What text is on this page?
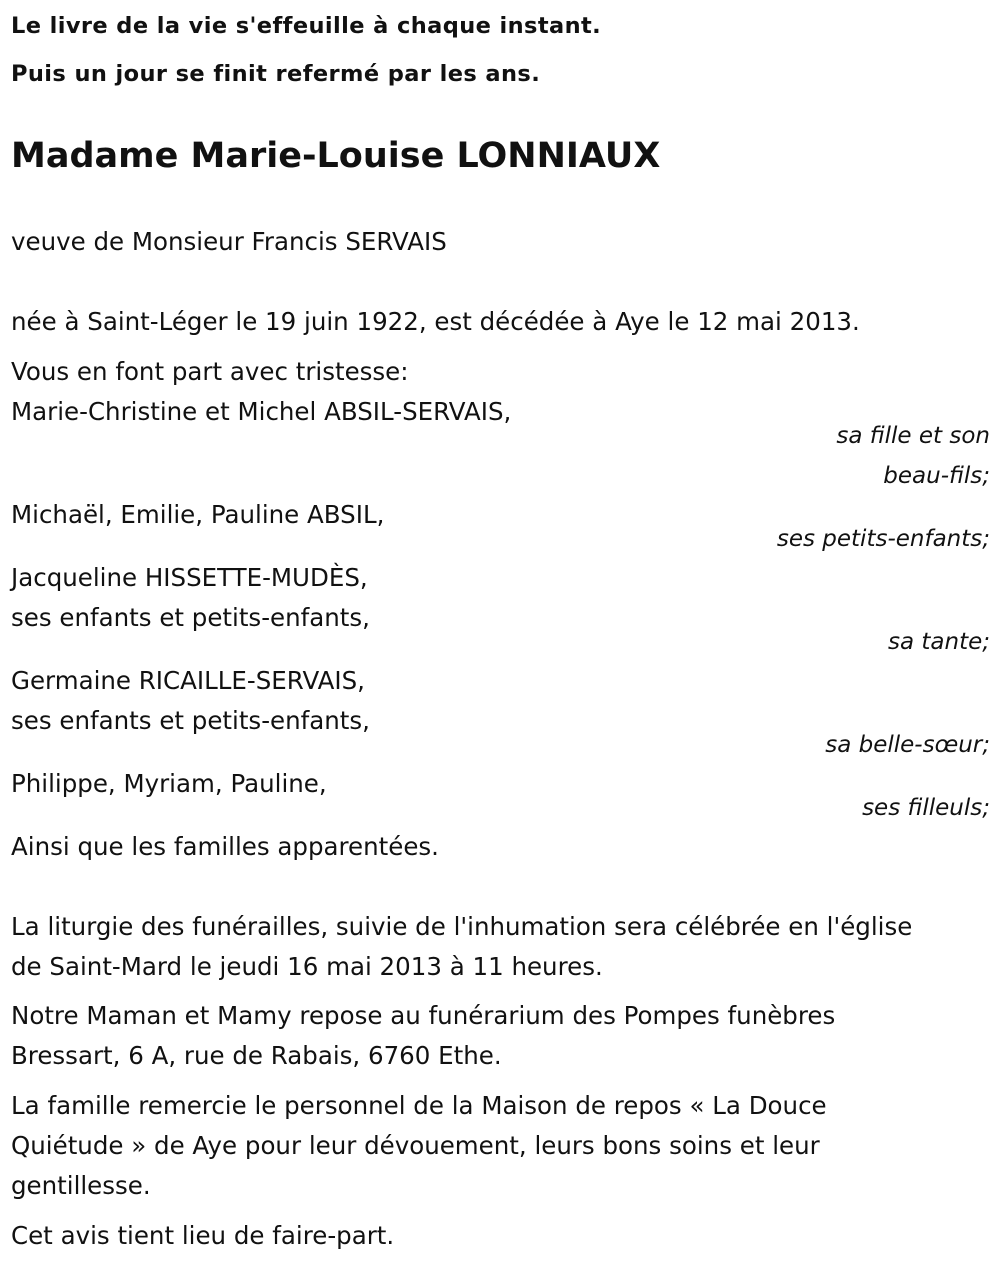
Le livre de la vie s'effeuille à chaque instant.
Puis un jour se finit refermé par les ans.
Madame Marie-Louise LONNIAUX
veuve de Monsieur Francis SERVAIS
née à Saint-Léger le 19 juin 1922, est décédée à Aye le 12 mai 2013.
Vous en font part avec tristesse:
Marie-Christine et Michel ABSIL-SERVAIS,
sa fille et son
beau-fils;
Michaël, Emilie, Pauline ABSIL,
ses petits-enfants;
Jacqueline HISSETTE-MUDÈS,
ses enfants et petits-enfants,
sa tante;
Germaine RICAILLE-SERVAIS,
ses enfants et petits-enfants,
sa belle-sœur;
Philippe, Myriam, Pauline,
ses filleuls;
Ainsi que les familles apparentées.
La liturgie des funérailles, suivie de l'inhumation sera célébrée en l'église
de Saint-Mard le jeudi 16 mai 2013 à 11 heures.
Notre Maman et Mamy repose au funérarium des Pompes funèbres
Bressart, 6 A, rue de Rabais, 6760 Ethe.
La famille remercie le personnel de la Maison de repos « La Douce
Quiétude » de Aye pour leur dévouement, leurs bons soins et leur
gentillesse.
Cet avis tient lieu de faire-part.
